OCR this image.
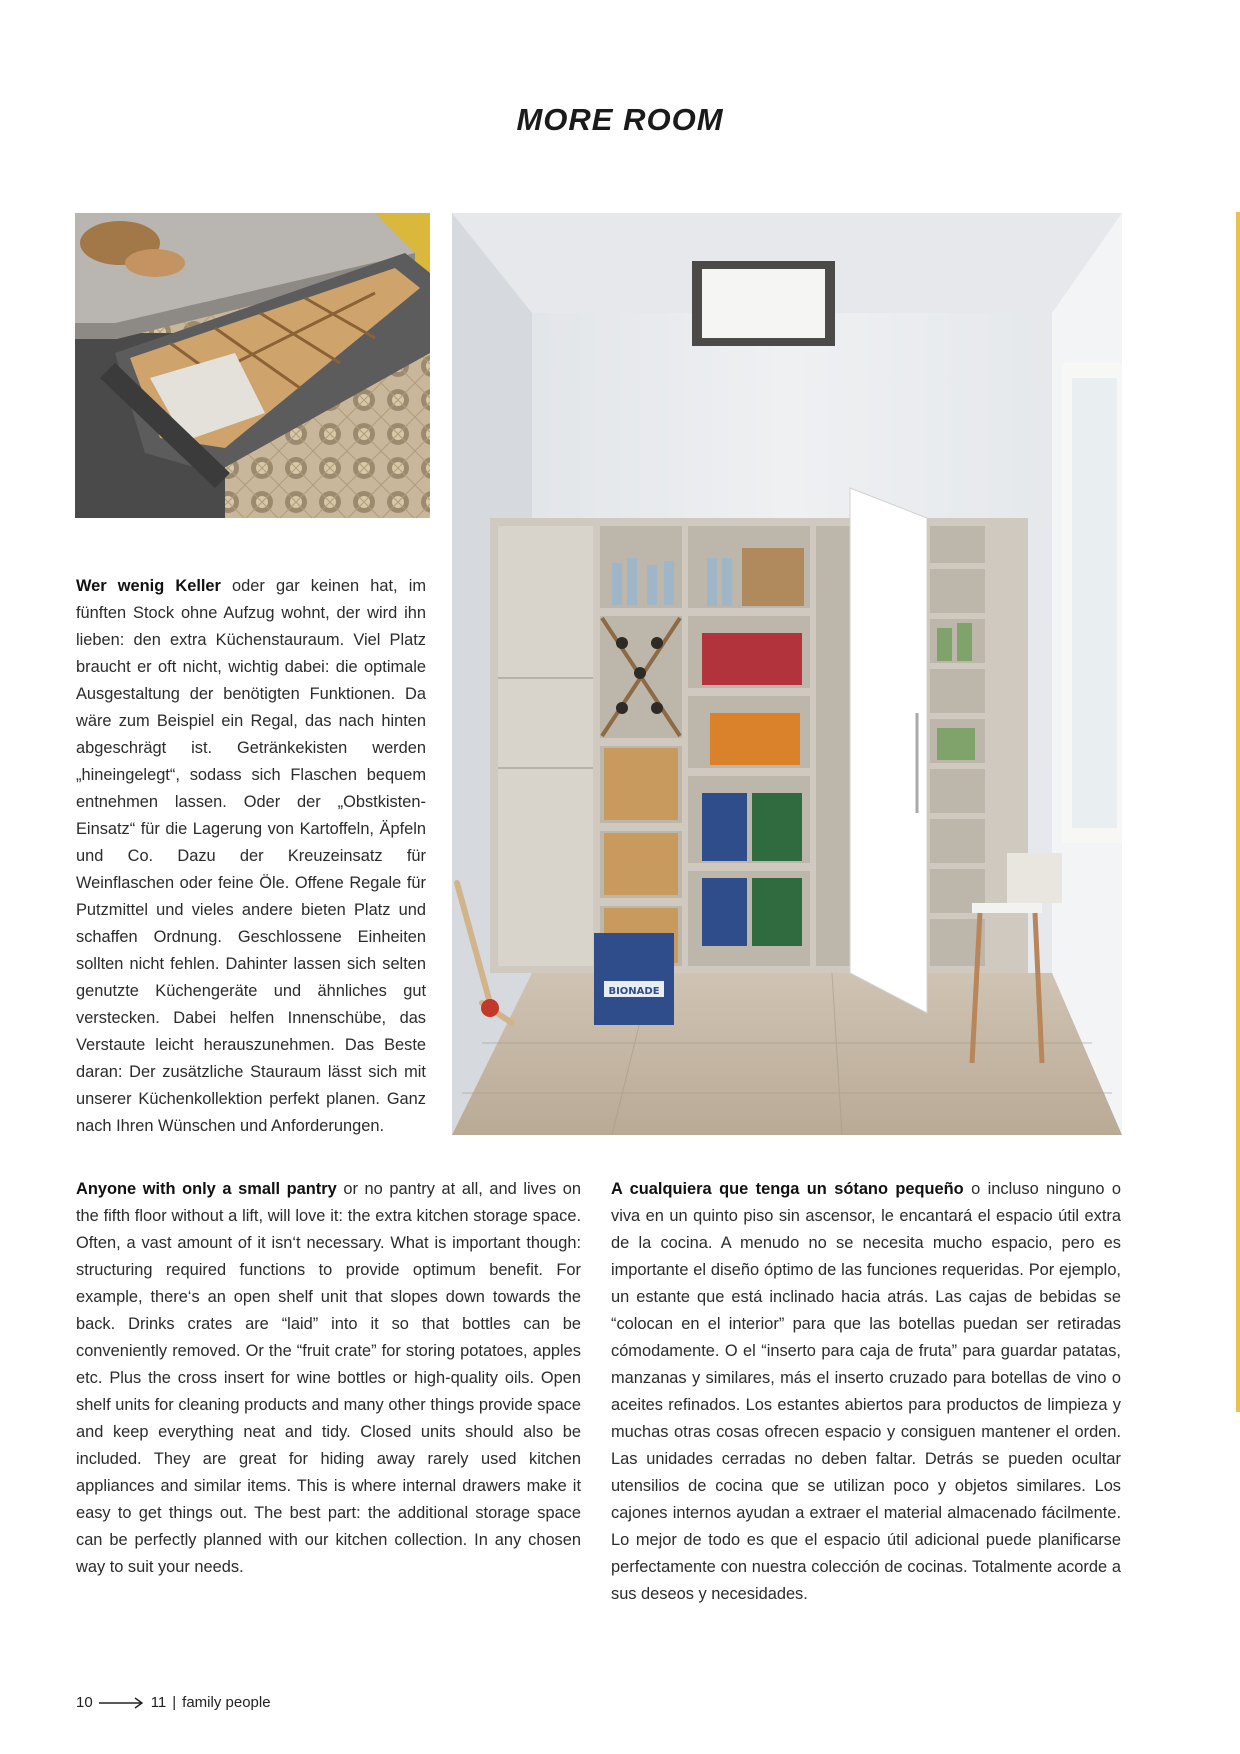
MORE ROOM
BIONADE
Wer wenig Keller oder gar keinen hat, im fünften Stock ohne Aufzug wohnt, der wird ihn lieben: den extra Küchenstauraum. Viel Platz braucht er oft nicht, wichtig dabei: die optimale Ausgestaltung der benötigten Funktionen. Da wäre zum Beispiel ein Regal, das nach hinten abgeschrägt ist. Getränkekisten werden „hineingelegt“, sodass sich Flaschen bequem entnehmen lassen. Oder der „Obstkisten-Einsatz“ für die Lagerung von Kartoffeln, Äpfeln und Co. Dazu der Kreuzeinsatz für Weinflaschen oder feine Öle. Offene Regale für Putzmittel und vieles andere bieten Platz und schaffen Ordnung. Geschlossene Einheiten sollten nicht fehlen. Dahinter lassen sich selten genutzte Küchengeräte und ähnliches gut verstecken. Dabei helfen Innenschübe, das Verstaute leicht herauszunehmen. Das Beste daran: Der zusätzliche Stauraum lässt sich mit unserer Küchenkollektion perfekt planen. Ganz nach Ihren Wünschen und Anforderungen.
Anyone with only a small pantry or no pantry at all, and lives on the fifth floor without a lift, will love it: the extra kitchen storage space. Often, a vast amount of it isn‘t necessary. What is important though: structuring required functions to provide optimum benefit. For example, there‘s an open shelf unit that slopes down towards the back. Drinks crates are “laid” into it so that bottles can be conveniently removed. Or the “fruit crate” for storing potatoes, apples etc. Plus the cross insert for wine bottles or high-quality oils. Open shelf units for cleaning products and many other things provide space and keep everything neat and tidy. Closed units should also be included. They are great for hiding away rarely used kitchen appliances and similar items. This is where internal drawers make it easy to get things out. The best part: the additional storage space can be perfectly planned with our kitchen collection. In any chosen way to suit your needs.
A cualquiera que tenga un sótano pequeño o incluso ninguno o viva en un quinto piso sin ascensor, le encantará el espacio útil extra de la cocina. A menudo no se necesita mucho espacio, pero es importante el diseño óptimo de las funciones requeridas. Por ejemplo, un estante que está inclinado hacia atrás. Las cajas de bebidas se “colocan en el interior” para que las botellas puedan ser retiradas cómodamente. O el “inserto para caja de fruta” para guardar patatas, manzanas y similares, más el inserto cruzado para botellas de vino o aceites refinados. Los estantes abiertos para productos de limpieza y muchas otras cosas ofrecen espacio y consiguen mantener el orden. Las unidades cerradas no deben faltar. Detrás se pueden ocultar utensilios de cocina que se utilizan poco y objetos similares. Los cajones internos ayudan a extraer el material almacenado fácilmente. Lo mejor de todo es que el espacio útil adicional puede planificarse perfectamente con nuestra colección de cocinas. Totalmente acorde a sus deseos y necesidades.
10	11 | family people
